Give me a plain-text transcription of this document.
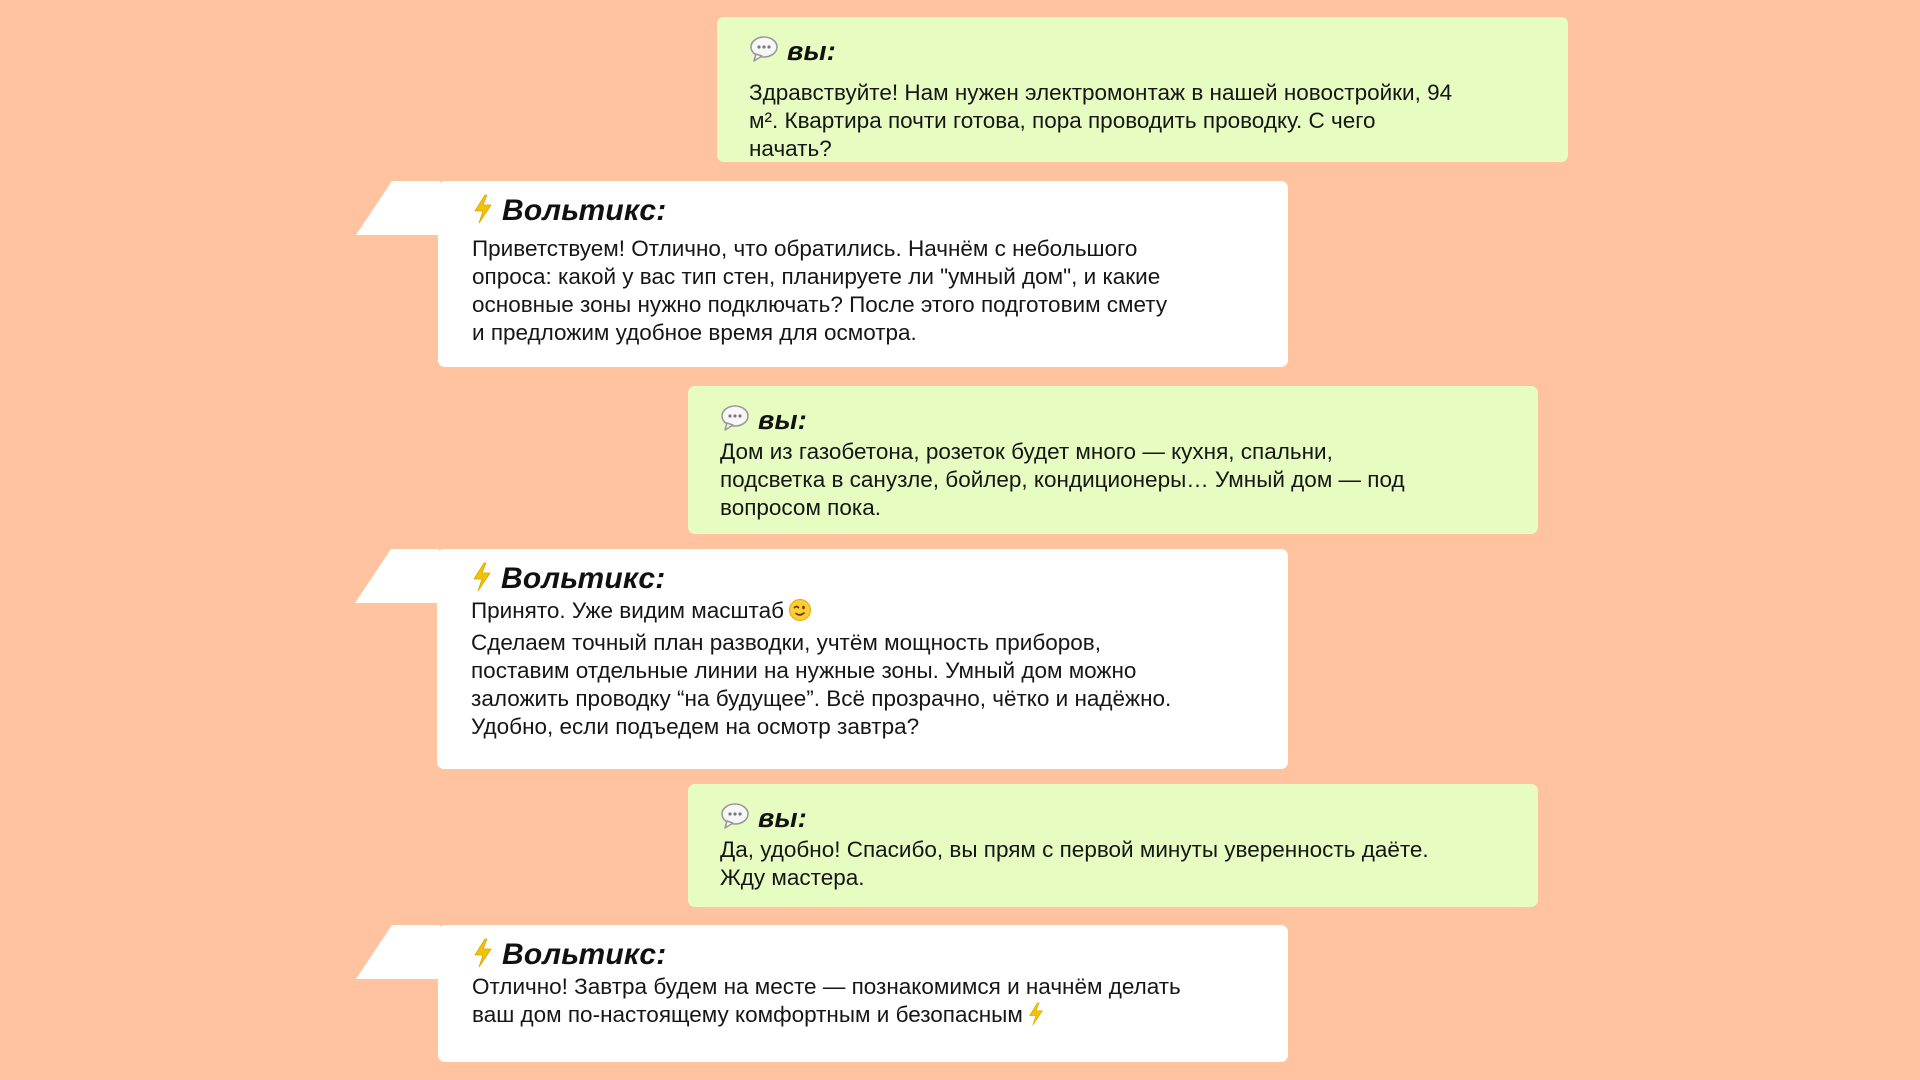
вы:

Здравствуйте! Нам нужен электромонтаж в нашей новостройки, 94
м². Квартира почти готова, пора проводить проводку. С чего
начать?

Вольтикс:

Приветствуем! Отлично, что обратились. Начнём с небольшого
опроса: какой у вас тип стен, планируете ли "умный дом", и какие
основные зоны нужно подключать? После этого подготовим смету
и предложим удобное время для осмотра.

вы:

Дом из газобетона, розеток будет много — кухня, спальни,
подсветка в санузле, бойлер, кондиционеры… Умный дом — под
вопросом пока.

Вольтикс:

Принято. Уже видим масштаб
Сделаем точный план разводки, учтём мощность приборов,
поставим отдельные линии на нужные зоны. Умный дом можно
заложить проводку “на будущее”. Всё прозрачно, чётко и надёжно.
Удобно, если подъедем на осмотр завтра?

вы:

Да, удобно! Спасибо, вы прям с первой минуты уверенность даёте.
Жду мастера.

Вольтикс:

Отлично! Завтра будем на месте — познакомимся и начнём делать
ваш дом по-настоящему комфортным и безопасным
